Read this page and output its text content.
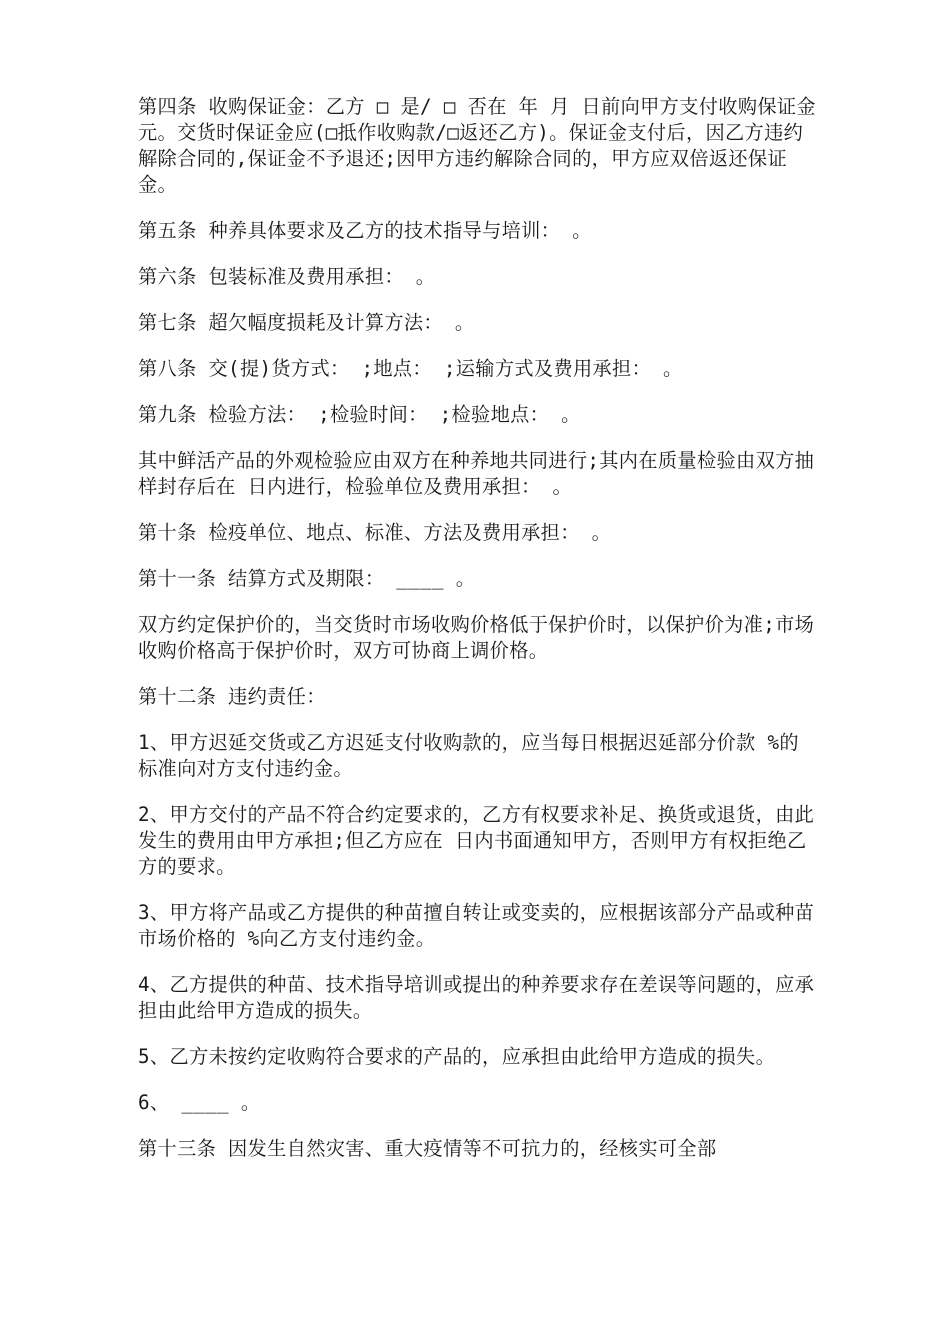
第四条 收购保证金：乙方 □ 是/ □ 否在 年 月 日前向甲方支付收购保证金 元。交货时保证金应(□抵作收购款/□返还乙方)。保证金支付后，因乙方违约解除合同的,保证金不予退还;因甲方违约解除合同的，甲方应双倍返还保证金。

第五条 种养具体要求及乙方的技术指导与培训： 。

第六条 包装标准及费用承担： 。

第七条 超欠幅度损耗及计算方法： 。

第八条 交(提)货方式： ;地点： ;运输方式及费用承担： 。

第九条 检验方法： ;检验时间： ;检验地点： 。

其中鲜活产品的外观检验应由双方在种养地共同进行;其内在质量检验由双方抽样封存后在 日内进行，检验单位及费用承担： 。

第十条 检疫单位、地点、标准、方法及费用承担： 。

第十一条 结算方式及期限： ____ 。

双方约定保护价的，当交货时市场收购价格低于保护价时，以保护价为准;市场收购价格高于保护价时，双方可协商上调价格。

第十二条 违约责任：

1、甲方迟延交货或乙方迟延支付收购款的，应当每日根据迟延部分价款 %的标准向对方支付违约金。

2、甲方交付的产品不符合约定要求的，乙方有权要求补足、换货或退货，由此发生的费用由甲方承担;但乙方应在 日内书面通知甲方，否则甲方有权拒绝乙方的要求。

3、甲方将产品或乙方提供的种苗擅自转让或变卖的，应根据该部分产品或种苗市场价格的 %向乙方支付违约金。

4、乙方提供的种苗、技术指导培训或提出的种养要求存在差误等问题的，应承担由此给甲方造成的损失。

5、乙方未按约定收购符合要求的产品的，应承担由此给甲方造成的损失。

6、 ____ 。

第十三条 因发生自然灾害、重大疫情等不可抗力的，经核实可全部
